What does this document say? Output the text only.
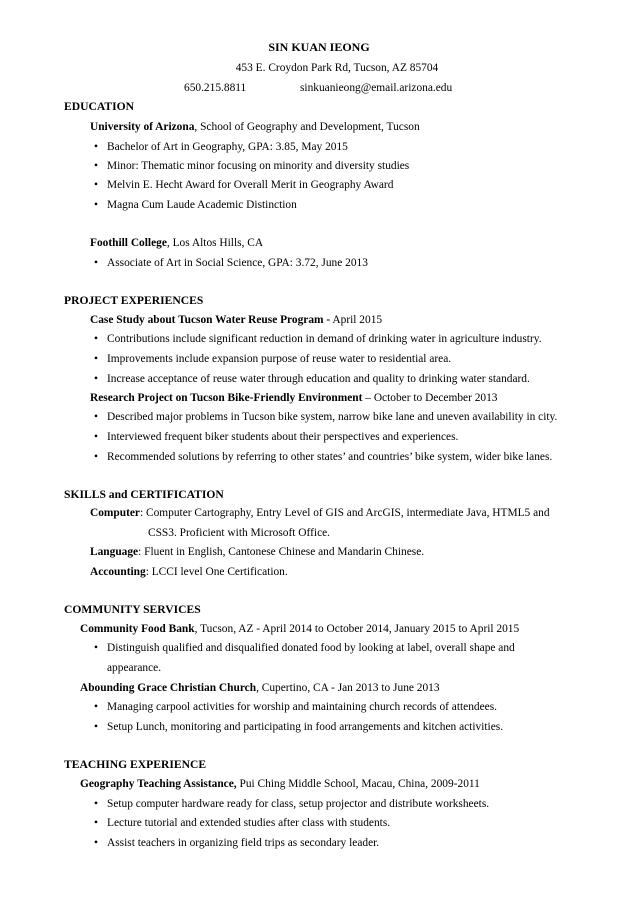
SIN KUAN IEONG
453 E. Croydon Park Rd, Tucson, AZ 85704
650.215.8811	sinkuanieong@email.arizona.edu
EDUCATION
University of Arizona, School of Geography and Development, Tucson
• Bachelor of Art in Geography, GPA: 3.85, May 2015
• Minor: Thematic minor focusing on minority and diversity studies
• Melvin E. Hecht Award for Overall Merit in Geography Award
• Magna Cum Laude Academic Distinction
Foothill College, Los Altos Hills, CA
• Associate of Art in Social Science, GPA: 3.72, June 2013
PROJECT EXPERIENCES
Case Study about Tucson Water Reuse Program - April 2015
• Contributions include significant reduction in demand of drinking water in agriculture industry.
• Improvements include expansion purpose of reuse water to residential area.
• Increase acceptance of reuse water through education and quality to drinking water standard.
Research Project on Tucson Bike-Friendly Environment – October to December 2013
• Described major problems in Tucson bike system, narrow bike lane and uneven availability in city.
• Interviewed frequent biker students about their perspectives and experiences.
• Recommended solutions by referring to other states’ and countries’ bike system, wider bike lanes.
SKILLS and CERTIFICATION
Computer: Computer Cartography, Entry Level of GIS and ArcGIS, intermediate Java, HTML5 and
CSS3. Proficient with Microsoft Office.
Language: Fluent in English, Cantonese Chinese and Mandarin Chinese.
Accounting: LCCI level One Certification.
COMMUNITY SERVICES
Community Food Bank, Tucson, AZ - April 2014 to October 2014, January 2015 to April 2015
• Distinguish qualified and disqualified donated food by looking at label, overall shape and
appearance.
Abounding Grace Christian Church, Cupertino, CA - Jan 2013 to June 2013
• Managing carpool activities for worship and maintaining church records of attendees.
• Setup Lunch, monitoring and participating in food arrangements and kitchen activities.
TEACHING EXPERIENCE
Geography Teaching Assistance, Pui Ching Middle School, Macau, China, 2009-2011
• Setup computer hardware ready for class, setup projector and distribute worksheets.
• Lecture tutorial and extended studies after class with students.
• Assist teachers in organizing field trips as secondary leader.
